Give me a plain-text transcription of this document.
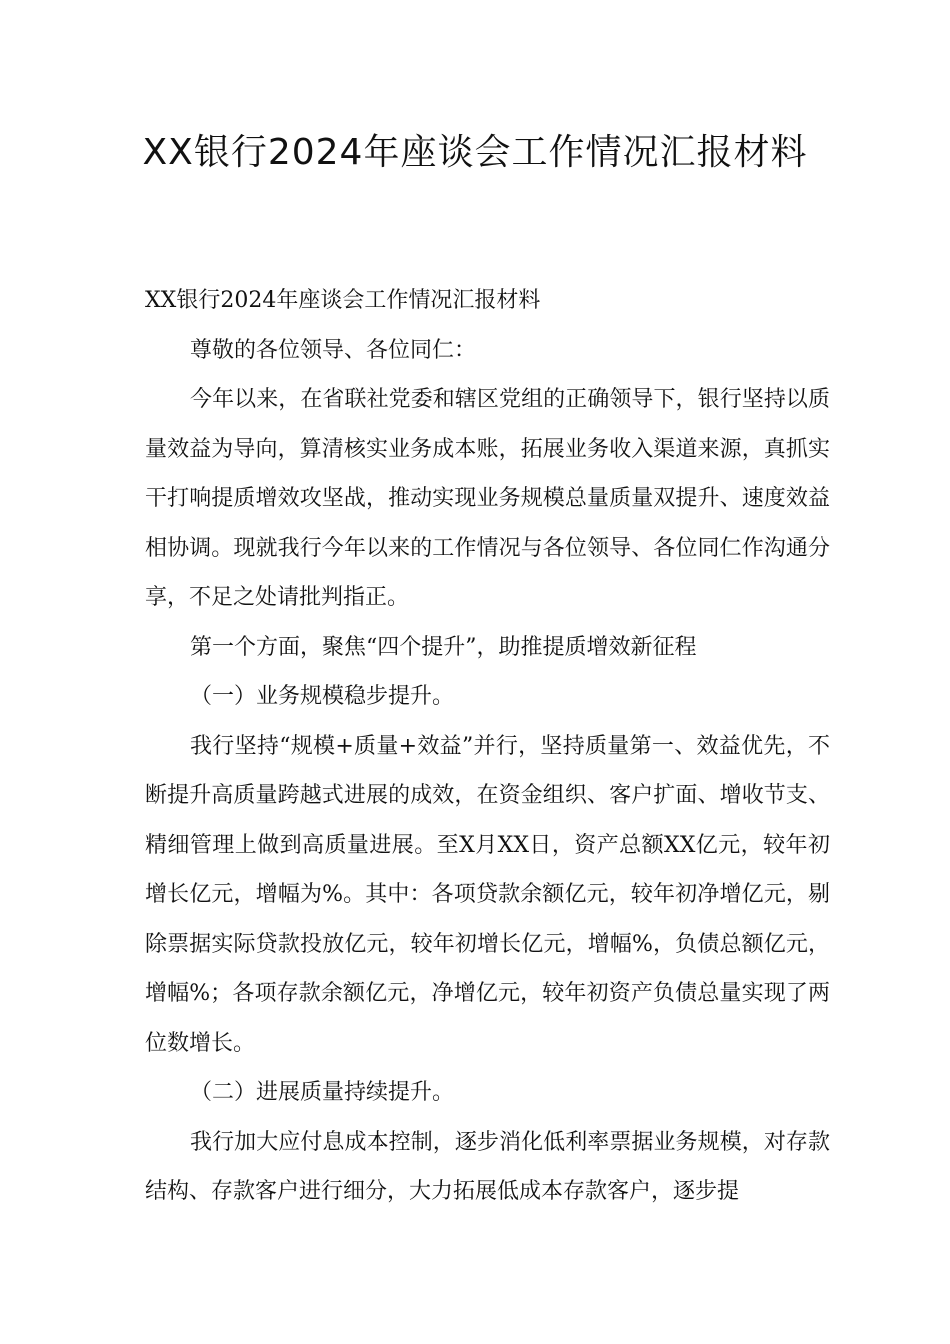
XX银行2024年座谈会工作情况汇报材料

XX银行2024年座谈会工作情况汇报材料

尊敬的各位领导、各位同仁：

今年以来，在省联社党委和辖区党组的正确领导下，银行坚持以质量效益为导向，算清核实业务成本账，拓展业务收入渠道来源，真抓实干打响提质增效攻坚战，推动实现业务规模总量质量双提升、速度效益相协调。现就我行今年以来的工作情况与各位领导、各位同仁作沟通分享，不足之处请批判指正。

第一个方面，聚焦“四个提升”，助推提质增效新征程

（一）业务规模稳步提升。

我行坚持“规模+质量+效益”并行，坚持质量第一、效益优先，不断提升高质量跨越式进展的成效，在资金组织、客户扩面、增收节支、精细管理上做到高质量进展。至X月XX日，资产总额XX亿元，较年初增长亿元，增幅为%。其中：各项贷款余额亿元，较年初净增亿元，剔除票据实际贷款投放亿元，较年初增长亿元，增幅%，负债总额亿元，增幅%；各项存款余额亿元，净增亿元，较年初资产负债总量实现了两位数增长。

（二）进展质量持续提升。

我行加大应付息成本控制，逐步消化低利率票据业务规模，对存款结构、存款客户进行细分，大力拓展低成本存款客户，逐步提
